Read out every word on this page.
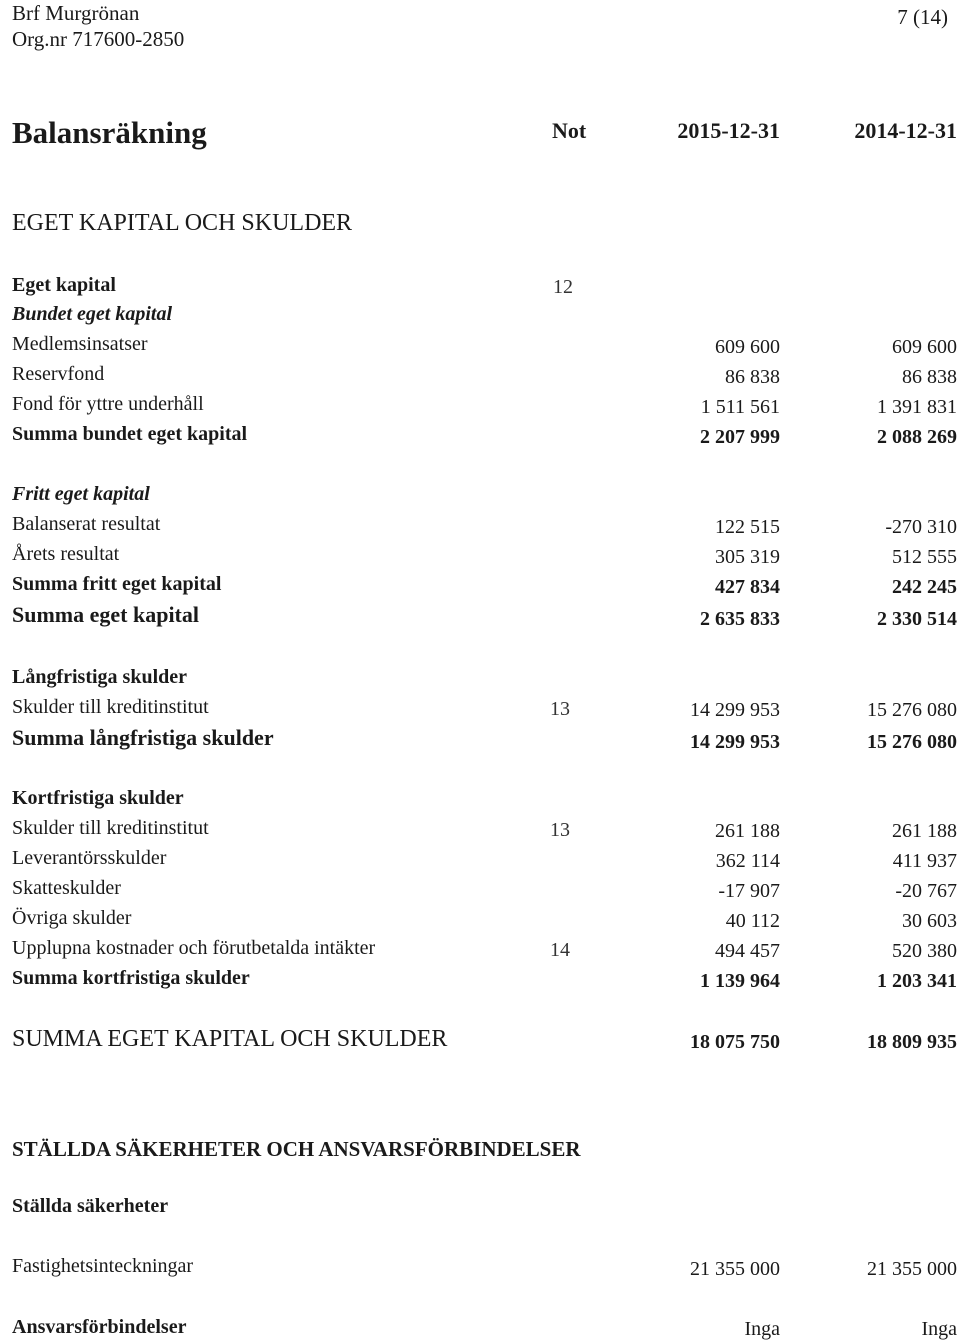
Brf Murgrönan
Org.nr 717600-2850
7 (14)
Balansräkning	Not	2015-12-31	2014-12-31
EGET KAPITAL OCH SKULDER
Eget kapital	12
Bundet eget kapital
Medlemsinsatser	609 600	609 600
Reservfond	86 838	86 838
Fond för yttre underhåll	1 511 561	1 391 831
Summa bundet eget kapital	2 207 999	2 088 269
Fritt eget kapital
Balanserat resultat	122 515	-270 310
Årets resultat	305 319	512 555
Summa fritt eget kapital	427 834	242 245
Summa eget kapital	2 635 833	2 330 514
Långfristiga skulder
Skulder till kreditinstitut	13	14 299 953	15 276 080
Summa långfristiga skulder	14 299 953	15 276 080
Kortfristiga skulder
Skulder till kreditinstitut	13	261 188	261 188
Leverantörsskulder	362 114	411 937
Skatteskulder	-17 907	-20 767
Övriga skulder	40 112	30 603
Upplupna kostnader och förutbetalda intäkter	14	494 457	520 380
Summa kortfristiga skulder	1 139 964	1 203 341
SUMMA EGET KAPITAL OCH SKULDER	18 075 750	18 809 935
STÄLLDA SÄKERHETER OCH ANSVARSFÖRBINDELSER
Ställda säkerheter
Fastighetsinteckningar	21 355 000	21 355 000
Ansvarsförbindelser	Inga	Inga
